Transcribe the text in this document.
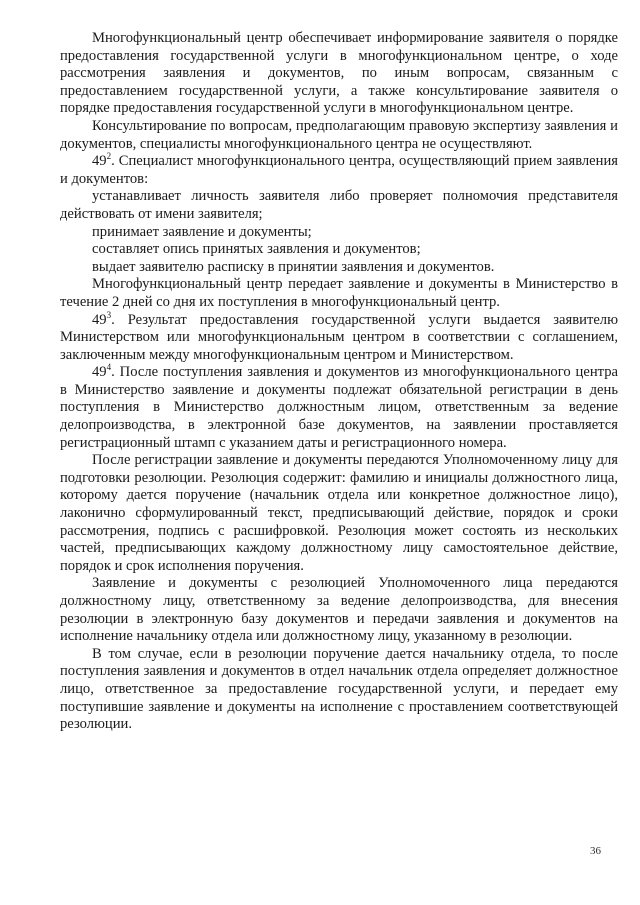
Многофункциональный центр обеспечивает информирование заявителя о порядке предоставления государственной услуги в многофункциональном центре, о ходе рассмотрения заявления и документов, по иным вопросам, связанным с предоставлением государственной услуги, а также консультирование заявителя о порядке предоставления государственной услуги в многофункциональном центре.

Консультирование по вопросам, предполагающим правовую экспертизу заявления и документов, специалисты многофункционального центра не осуществляют.

$49^2$. Специалист многофункционального центра, осуществляющий прием заявления и документов:

устанавливает личность заявителя либо проверяет полномочия представителя действовать от имени заявителя;

принимает заявление и документы;

составляет опись принятых заявления и документов;

выдает заявителю расписку в принятии заявления и документов.

Многофункциональный центр передает заявление и документы в Министерство в течение 2 дней со дня их поступления в многофункциональный центр.

$49^3$. Результат предоставления государственной услуги выдается заявителю Министерством или многофункциональным центром в соответствии с соглашением, заключенным между многофункциональным центром и Министерством.

$49^4$. После поступления заявления и документов из многофункционального центра в Министерство заявление и документы подлежат обязательной регистрации в день поступления в Министерство должностным лицом, ответственным за ведение делопроизводства, в электронной базе документов, на заявлении проставляется регистрационный штамп с указанием даты и регистрационного номера.

После регистрации заявление и документы передаются Уполномоченному лицу для подготовки резолюции. Резолюция содержит: фамилию и инициалы должностного лица, которому дается поручение (начальник отдела или конкретное должностное лицо), лаконично сформулированный текст, предписывающий действие, порядок и сроки рассмотрения, подпись с расшифровкой. Резолюция может состоять из нескольких частей, предписывающих каждому должностному лицу самостоятельное действие, порядок и срок исполнения поручения.

Заявление и документы с резолюцией Уполномоченного лица передаются должностному лицу, ответственному за ведение делопроизводства, для внесения резолюции в электронную базу документов и передачи заявления и документов на исполнение начальнику отдела или должностному лицу, указанному в резолюции.

В том случае, если в резолюции поручение дается начальнику отдела, то после поступления заявления и документов в отдел начальник отдела определяет должностное лицо, ответственное за предоставление государственной услуги, и передает ему поступившие заявление и документы на исполнение с проставлением соответствующей резолюции.

36
